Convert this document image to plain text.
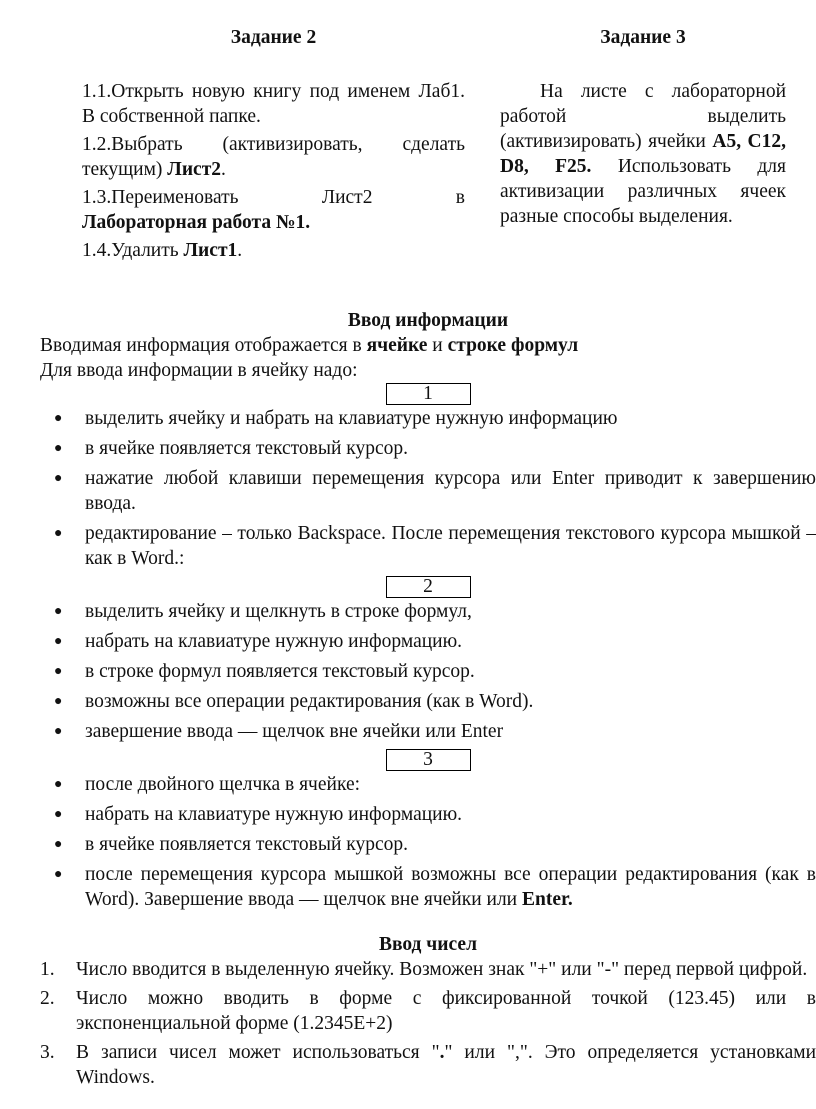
Задание 2

1.1.Открыть новую книгу под именем Лаб1. В собственной папке.

1.2.Выбрать (активизировать, сделать текущим) Лист2.

1.3.Переименовать	Лист2	в
Лабораторная работа №1.

1.4.Удалить Лист1.

Задание 3

На листе с лабораторной работой выделить (активизировать) ячейки А5, С12, D8, F25. Использовать для активизации различных ячеек разные способы выделения.

Ввод информации

Вводимая информация отображается в ячейке и строке формул

Для ввода информации в ячейку надо:

1
● выделить ячейку и набрать на клавиатуре нужную информацию
● в ячейке появляется текстовый курсор.
● нажатие любой клавиши перемещения курсора или Enter приводит к завершению ввода.
● редактирование – только Backspace. После перемещения текстового курсора мышкой – как в Word.:
2
● выделить ячейку и щелкнуть в строке формул,
● набрать на клавиатуре нужную информацию.
● в строке формул появляется текстовый курсор.
● возможны все операции редактирования (как в Word).
● завершение ввода — щелчок вне ячейки или Enter
3
● после двойного щелчка в ячейке:
● набрать на клавиатуре нужную информацию.
● в ячейке появляется текстовый курсор.
● после перемещения курсора мышкой возможны все операции редактирования (как в Word). Завершение ввода — щелчок вне ячейки или Enter.

Ввод чисел

1. Число вводится в выделенную ячейку. Возможен знак "+" или "-" перед первой цифрой.
2. Число можно вводить в форме с фиксированной точкой (123.45) или в экспоненциальной форме (1.2345Е+2)
3. В записи чисел может использоваться "." или ",". Это определяется установками Windows.
